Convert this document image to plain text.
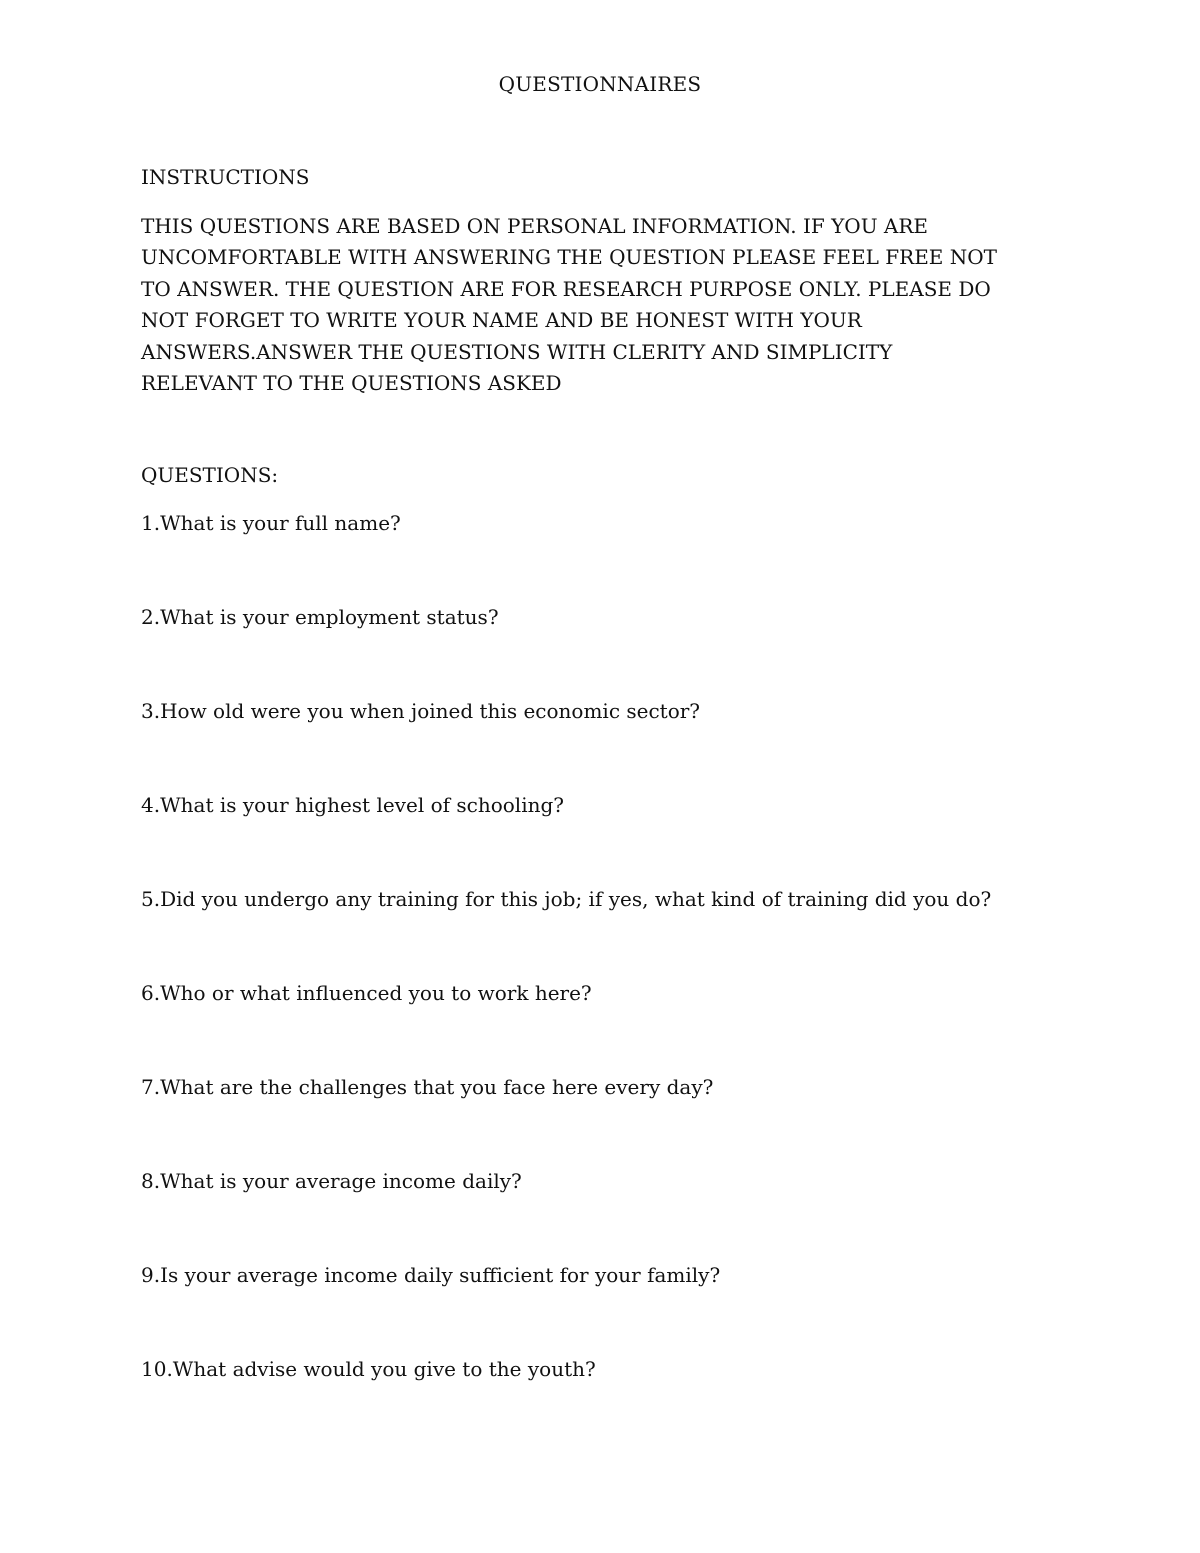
QUESTIONNAIRES
INSTRUCTIONS
THIS QUESTIONS ARE BASED ON PERSONAL INFORMATION. IF YOU ARE
UNCOMFORTABLE WITH ANSWERING THE QUESTION PLEASE FEEL FREE NOT
TO ANSWER. THE QUESTION ARE FOR RESEARCH PURPOSE ONLY. PLEASE DO
NOT FORGET TO WRITE YOUR NAME AND BE HONEST WITH YOUR
ANSWERS.ANSWER THE QUESTIONS WITH CLERITY AND SIMPLICITY
RELEVANT TO THE QUESTIONS ASKED
QUESTIONS:
1.What is your full name?
2.What is your employment status?
3.How old were you when joined this economic sector?
4.What is your highest level of schooling?
5.Did you undergo any training for this job; if yes, what kind of training did you do?
6.Who or what influenced you to work here?
7.What are the challenges that you face here every day?
8.What is your average income daily?
9.Is your average income daily sufficient for your family?
10.What advise would you give to the youth?
